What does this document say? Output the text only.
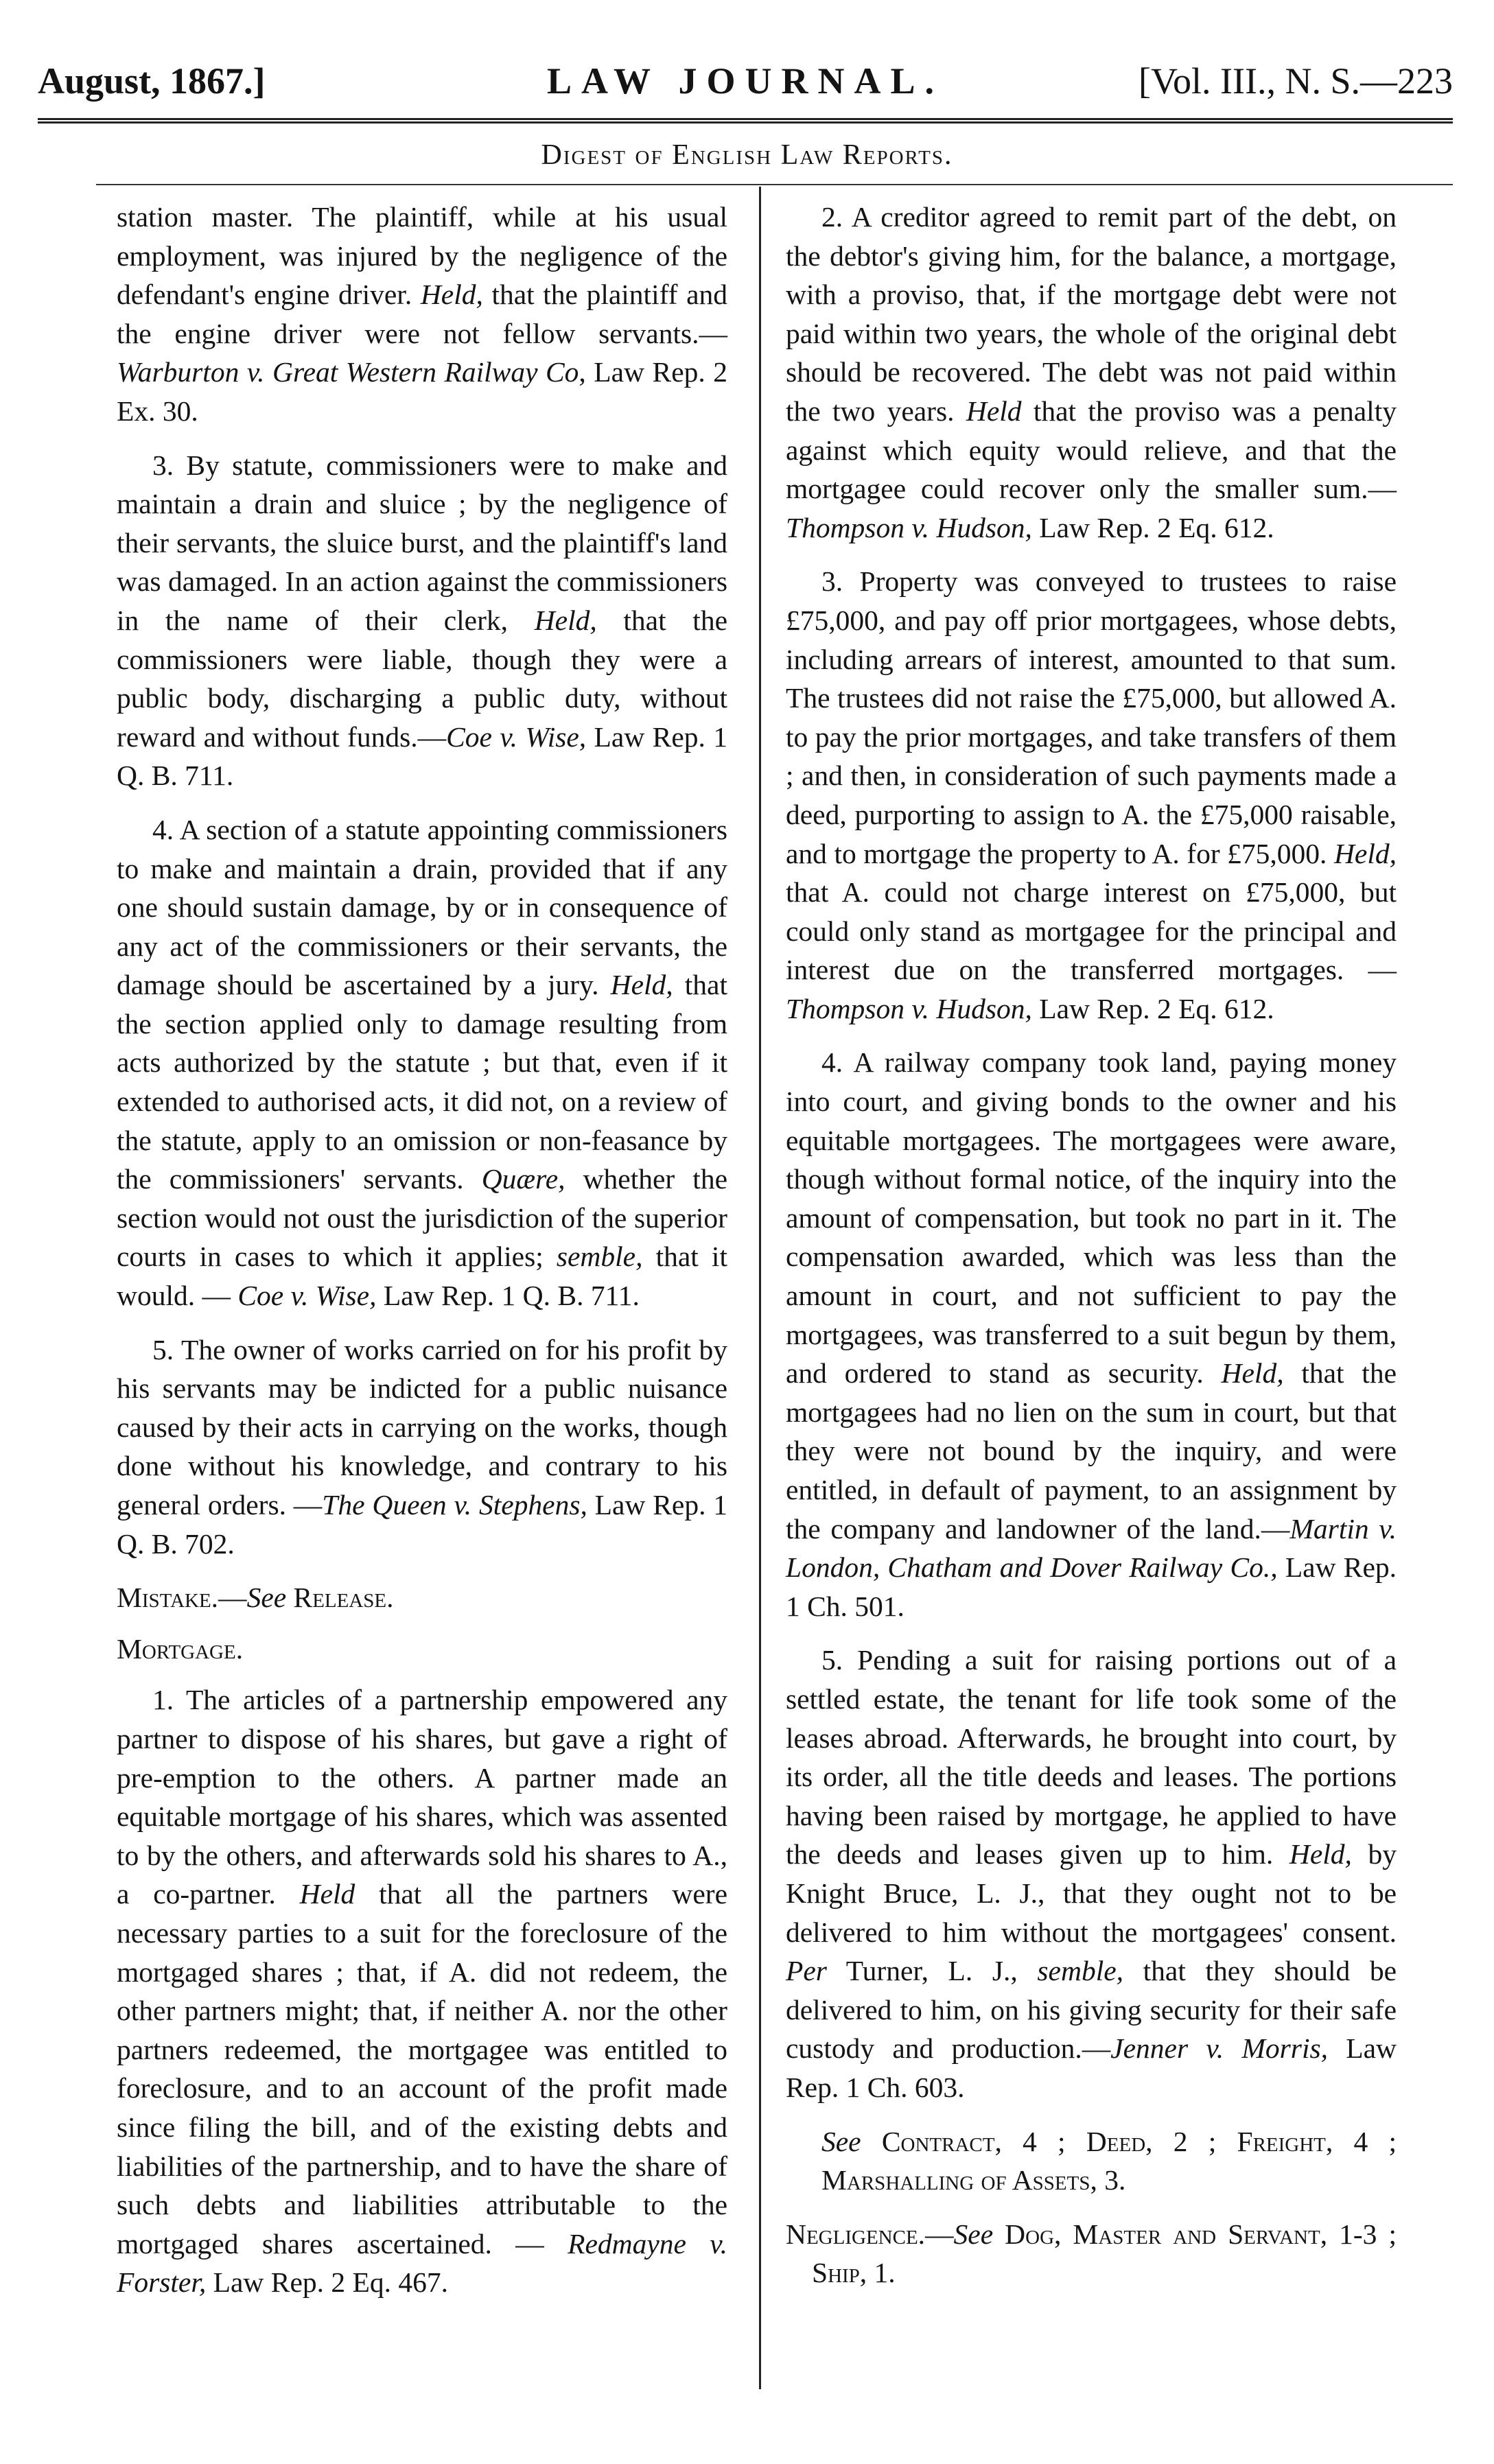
August, 1867.]	LAW JOURNAL.	[Vol. III., N. S.—223
Digest of English Law Reports.

station master. The plaintiff, while at his usual employment, was injured by the negligence of the defendant's engine driver. Held, that the plaintiff and the engine driver were not fellow servants.—Warburton v. Great Western Railway Co, Law Rep. 2 Ex. 30.

3. By statute, commissioners were to make and maintain a drain and sluice ; by the negligence of their servants, the sluice burst, and the plaintiff's land was damaged. In an action against the commissioners in the name of their clerk, Held, that the commissioners were liable, though they were a public body, discharging a public duty, without reward and without funds.—Coe v. Wise, Law Rep. 1 Q. B. 711.

4. A section of a statute appointing commissioners to make and maintain a drain, provided that if any one should sustain damage, by or in consequence of any act of the commissioners or their servants, the damage should be ascertained by a jury. Held, that the section applied only to damage resulting from acts authorized by the statute ; but that, even if it extended to authorised acts, it did not, on a review of the statute, apply to an omission or non-feasance by the commissioners' servants. Quære, whether the section would not oust the jurisdiction of the superior courts in cases to which it applies; semble, that it would. — Coe v. Wise, Law Rep. 1 Q. B. 711.

5. The owner of works carried on for his profit by his servants may be indicted for a public nuisance caused by their acts in carrying on the works, though done without his knowledge, and contrary to his general orders. —The Queen v. Stephens, Law Rep. 1 Q. B. 702.

Mistake.—See Release.

Mortgage.

1. The articles of a partnership empowered any partner to dispose of his shares, but gave a right of pre-emption to the others. A partner made an equitable mortgage of his shares, which was assented to by the others, and afterwards sold his shares to A., a co-partner. Held that all the partners were necessary parties to a suit for the foreclosure of the mortgaged shares ; that, if A. did not redeem, the other partners might; that, if neither A. nor the other partners redeemed, the mortgagee was entitled to foreclosure, and to an account of the profit made since filing the bill, and of the existing debts and liabilities of the partnership, and to have the share of such debts and liabilities attributable to the mortgaged shares ascertained. — Redmayne v. Forster, Law Rep. 2 Eq. 467.

2. A creditor agreed to remit part of the debt, on the debtor's giving him, for the balance, a mortgage, with a proviso, that, if the mortgage debt were not paid within two years, the whole of the original debt should be recovered. The debt was not paid within the two years. Held that the proviso was a penalty against which equity would relieve, and that the mortgagee could recover only the smaller sum.—Thompson v. Hudson, Law Rep. 2 Eq. 612.

3. Property was conveyed to trustees to raise £75,000, and pay off prior mortgagees, whose debts, including arrears of interest, amounted to that sum. The trustees did not raise the £75,000, but allowed A. to pay the prior mortgages, and take transfers of them ; and then, in consideration of such payments made a deed, purporting to assign to A. the £75,000 raisable, and to mortgage the property to A. for £75,000. Held, that A. could not charge interest on £75,000, but could only stand as mortgagee for the principal and interest due on the transferred mortgages. — Thompson v. Hudson, Law Rep. 2 Eq. 612.

4. A railway company took land, paying money into court, and giving bonds to the owner and his equitable mortgagees. The mortgagees were aware, though without formal notice, of the inquiry into the amount of compensation, but took no part in it. The compensation awarded, which was less than the amount in court, and not sufficient to pay the mortgagees, was transferred to a suit begun by them, and ordered to stand as security. Held, that the mortgagees had no lien on the sum in court, but that they were not bound by the inquiry, and were entitled, in default of payment, to an assignment by the company and landowner of the land.—Martin v. London, Chatham and Dover Railway Co., Law Rep. 1 Ch. 501.

5. Pending a suit for raising portions out of a settled estate, the tenant for life took some of the leases abroad. Afterwards, he brought into court, by its order, all the title deeds and leases. The portions having been raised by mortgage, he applied to have the deeds and leases given up to him. Held, by Knight Bruce, L. J., that they ought not to be delivered to him without the mortgagees' consent. Per Turner, L. J., semble, that they should be delivered to him, on his giving security for their safe custody and production.—Jenner v. Morris, Law Rep. 1 Ch. 603.

See Contract, 4 ; Deed, 2 ; Freight, 4 ; Marshalling of Assets, 3.

Negligence.—See Dog, Master and Servant, 1-3 ; Ship, 1.
